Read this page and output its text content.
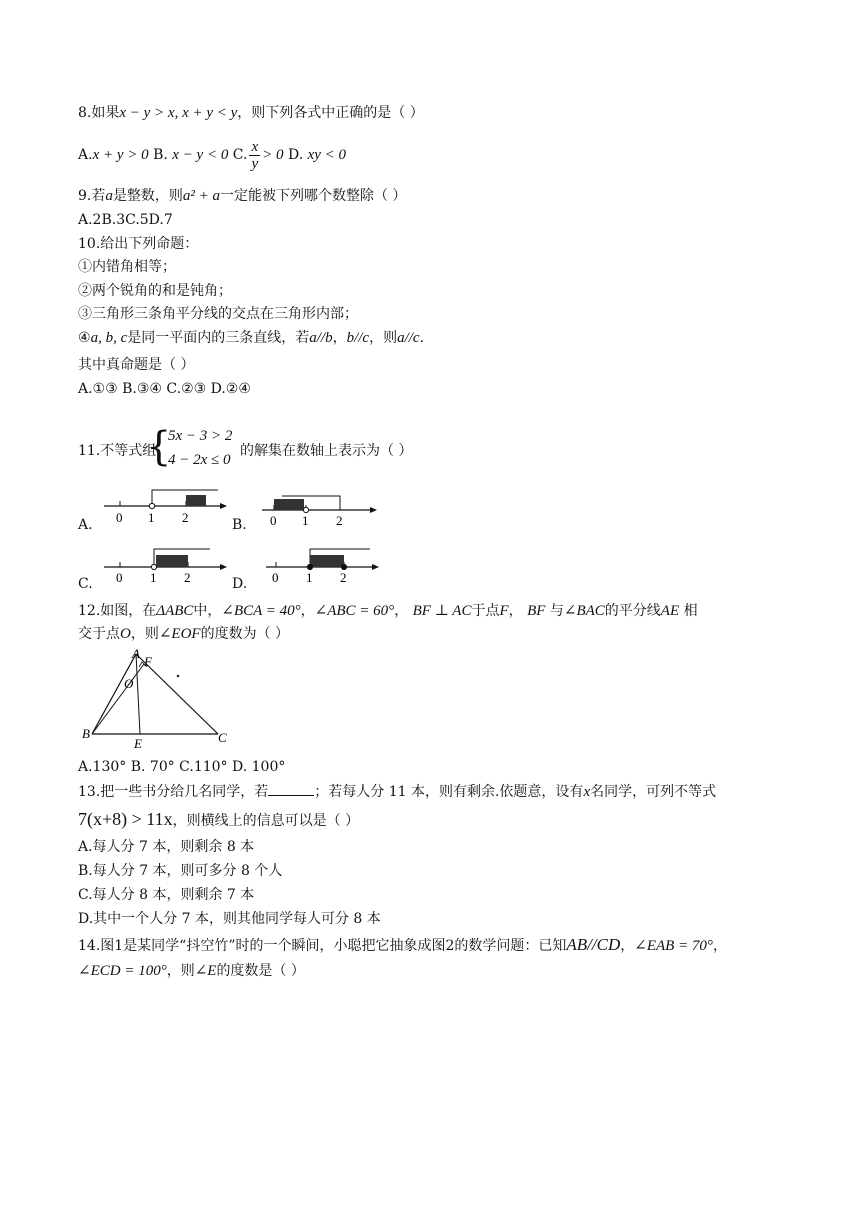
8.如果x − y > x, x + y < y，则下列各式中正确的是（ ）
A.x + y > 0 B. x − y < 0 C. $\frac{x}{y} > 0$ D. xy < 0
9.若a是整数，则a² + a一定能被下列哪个数整除（ ）
A.2B.3C.5D.7
10.给出下列命题：
①内错角相等；
②两个锐角的和是钝角；
③三角形三条角平分线的交点在三角形内部；
④a, b, c是同一平面内的三条直线，若a//b，b//c，则a//c.
其中真命题是（ ）
A.①③ B.③④ C.②③ D.②④
11.不等式组
{
5x − 3 > 2
4 − 2x ≤ 0
的解集在数轴上表示为（ ）
A.	B.
C.	D.
0 1 2	0 1 2
0 1 2	0 1 2
12.如图，在ΔABC中，∠BCA = 40°，∠ABC = 60°， BF ⊥ AC于点F， BF 与∠BAC的平分线AE 相
交于点O，则∠EOF的度数为（ ）
A
F
O
B
E	C
A.130° B. 70° C.110° D. 100°
13.把一些书分给几名同学，若	；若每人分 11 本，则有剩余.依题意，设有x名同学，可列不等式
7(x+8) > 11x，则横线上的信息可以是（ ）
A.每人分 7 本，则剩余 8 本
B.每人分 7 本，则可多分 8 个人
C.每人分 8 本，则剩余 7 本
D.其中一个人分 7 本，则其他同学每人可分 8 本
14.图1是某同学“抖空竹”时的一个瞬间，小聪把它抽象成图2的数学问题：已知AB//CD，∠EAB = 70°，
∠ECD = 100°，则∠E的度数是（ ）
